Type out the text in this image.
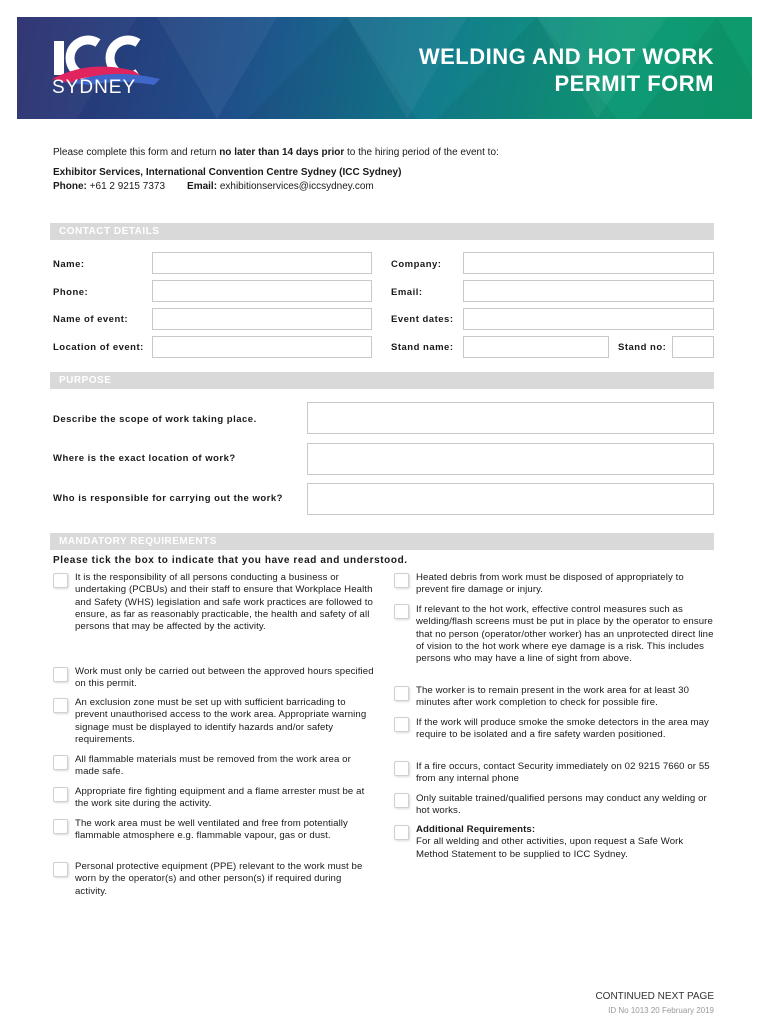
SYDNEY
WELDING AND HOT WORK
PERMIT FORM

Please complete this form and return no later than 14 days prior to the hiring period of the event to:

Exhibitor Services, International Convention Centre Sydney (ICC Sydney)

Phone: +61 2 9215 7373 Email: exhibitionservices@iccsydney.com

CONTACT DETAILS
Name:	Company:
Phone:	Email:
Name of event:	Event dates:
Location of event:	Stand name:	Stand no:
PURPOSE
Describe the scope of work taking place.
Where is the exact location of work?
Who is responsible for carrying out the work?
MANDATORY REQUIREMENTS
Please tick the box to indicate that you have read and understood.
It is the responsibility of all persons conducting a business or undertaking (PCBUs) and their staff to ensure that Workplace Health and Safety (WHS) legislation and safe work practices are followed to ensure, as far as reasonably practicable, the health and safety of all persons that may be affected by the activity.
Work must only be carried out between the approved hours specified on this permit.
An exclusion zone must be set up with sufficient barricading to prevent unauthorised access to the work area. Appropriate warning signage must be displayed to identify hazards and/or safety requirements.
All flammable materials must be removed from the work area or made safe.
Appropriate fire fighting equipment and a flame arrester must be at the work site during the activity.
The work area must be well ventilated and free from potentially flammable atmosphere e.g. flammable vapour, gas or dust.
Personal protective equipment (PPE) relevant to the work must be worn by the operator(s) and other person(s) if required during activity.
Heated debris from work must be disposed of appropriately to prevent fire damage or injury.
If relevant to the hot work, effective control measures such as welding/flash screens must be put in place by the operator to ensure that no person (operator/other worker) has an unprotected direct line of vision to the hot work where eye damage is a risk. This includes persons who may have a line of sight from above.
The worker is to remain present in the work area for at least 30 minutes after work completion to check for possible fire.
If the work will produce smoke the smoke detectors in the area may require to be isolated and a fire safety warden positioned.
If a fire occurs, contact Security immediately on 02 9215 7660 or 55 from any internal phone
Only suitable trained/qualified persons may conduct any welding or hot works.
Additional Requirements:
For all welding and other activities, upon request a Safe Work Method Statement to be supplied to ICC Sydney.
CONTINUED NEXT PAGE
ID No 1013 20 February 2019
